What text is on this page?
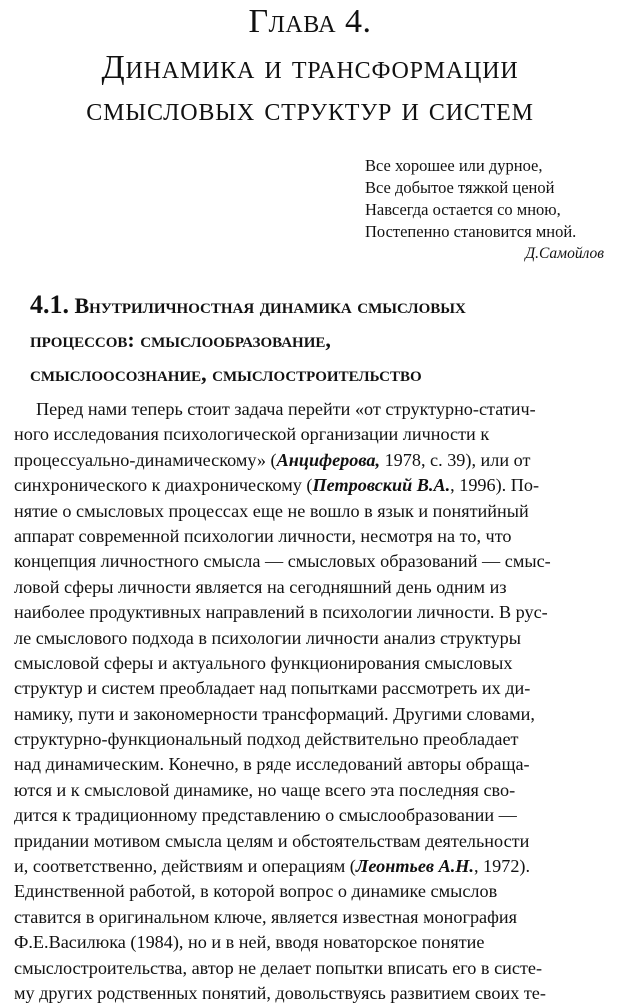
Глава 4.
Динамика и трансформации
смысловых структур и систем
Все хорошее или дурное,
Все добытое тяжкой ценой
Навсегда остается со мною,
Постепенно становится мной.
Д.Самойлов
4.1. Внутриличностная динамика смысловых
процессов: смыслообразование,
смыслоосознание, смыслостроительство
Перед нами теперь стоит задача перейти «от структурно-статич-
ного исследования психологической организации личности к
процессуально-динамическому» (Анциферова, 1978, с. 39), или от
синхронического к диахроническому (Петровский В.А., 1996). По-
нятие о смысловых процессах еще не вошло в язык и понятийный
аппарат современной психологии личности, несмотря на то, что
концепция личностного смысла — смысловых образований — смыс-
ловой сферы личности является на сегодняшний день одним из
наиболее продуктивных направлений в психологии личности. В рус-
ле смыслового подхода в психологии личности анализ структуры
смысловой сферы и актуального функционирования смысловых
структур и систем преобладает над попытками рассмотреть их ди-
намику, пути и закономерности трансформаций. Другими словами,
структурно-функциональный подход действительно преобладает
над динамическим. Конечно, в ряде исследований авторы обраща-
ются и к смысловой динамике, но чаще всего эта последняя сво-
дится к традиционному представлению о смыслообразовании —
придании мотивом смысла целям и обстоятельствам деятельности
и, соответственно, действиям и операциям (Леонтьев А.Н., 1972).
Единственной работой, в которой вопрос о динамике смыслов
ставится в оригинальном ключе, является известная монография
Ф.Е.Василюка (1984), но и в ней, вводя новаторское понятие
смыслостроительства, автор не делает попытки вписать его в систе-
му других родственных понятий, довольствуясь развитием своих те-
